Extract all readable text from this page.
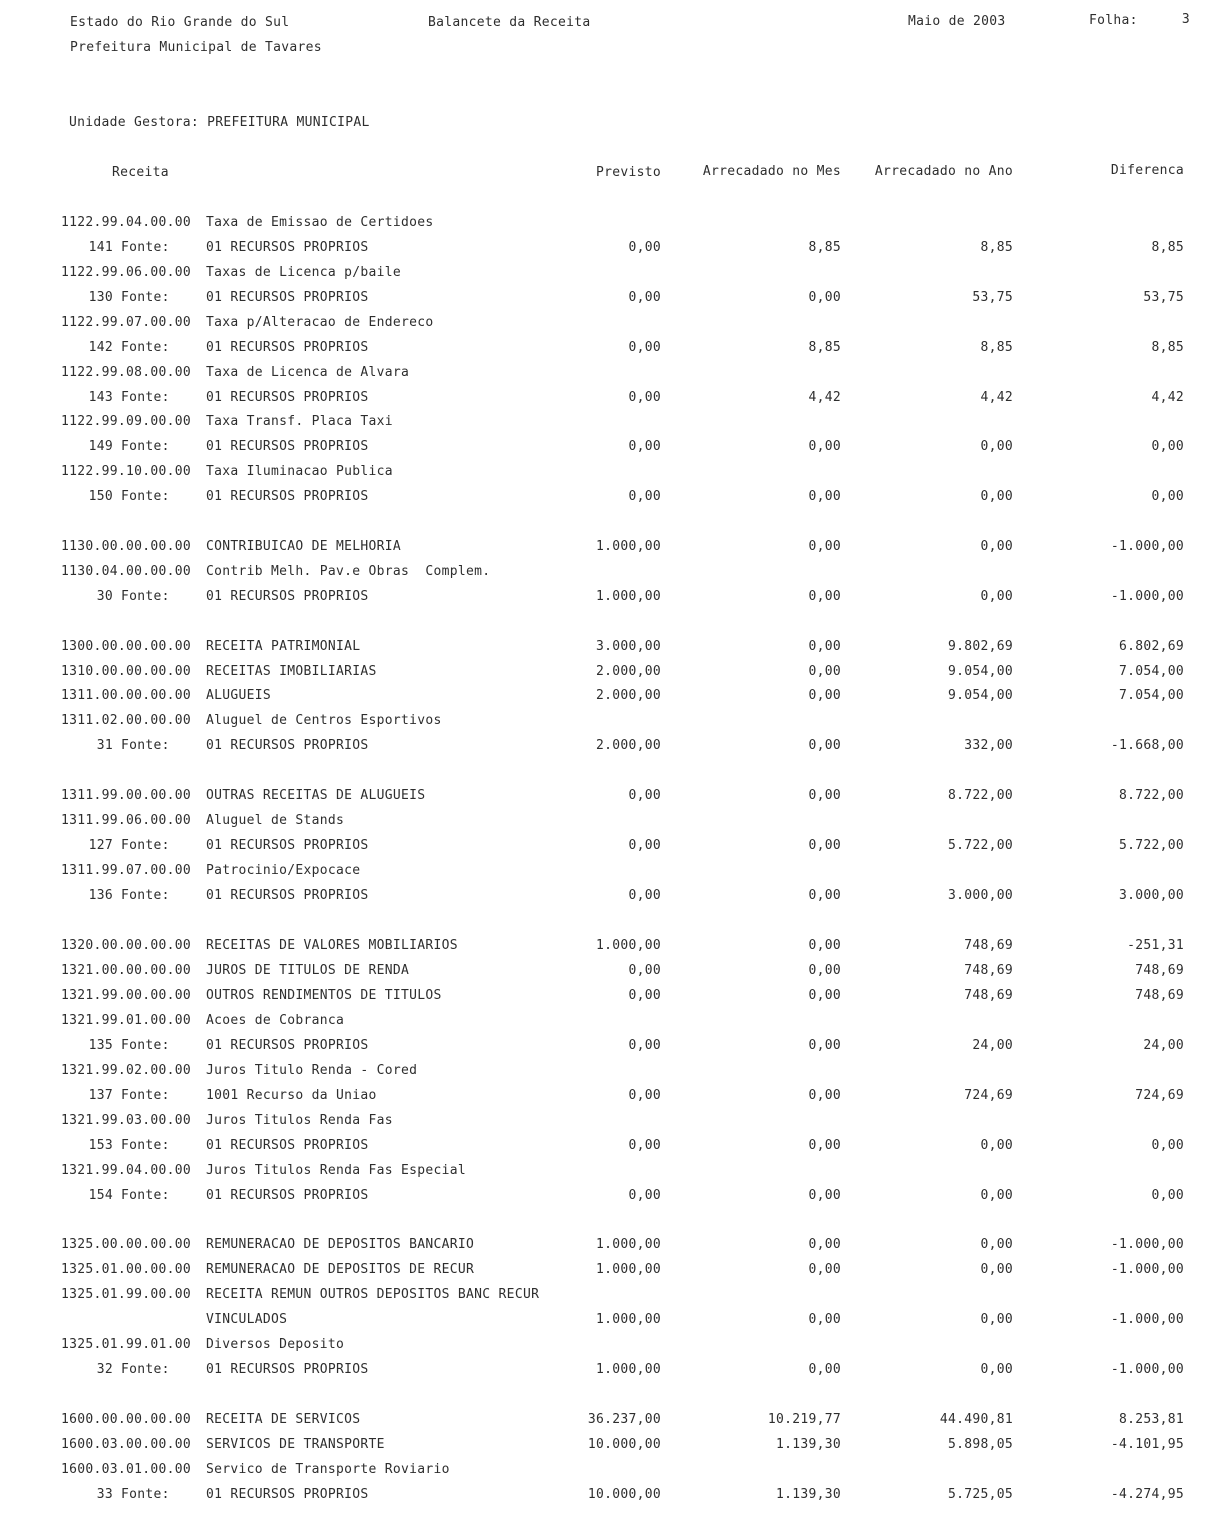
Estado do Rio Grande do Sul
Prefeitura Municipal de Tavares
Balancete da Receita	Maio de 2003	Folha:	3
Unidade Gestora: PREFEITURA MUNICIPAL
Receita	Previsto	Arrecadado no Mes	Arrecadado no Ano	Diferenca
1122.99.04.00.00 Taxa de Emissao de Certidoes
141 Fonte:	01 RECURSOS PROPRIOS	0,00	8,85	8,85	8,85
1122.99.06.00.00 Taxas de Licenca p/baile
130 Fonte:	01 RECURSOS PROPRIOS	0,00	0,00	53,75	53,75
1122.99.07.00.00 Taxa p/Alteracao de Endereco
142 Fonte:	01 RECURSOS PROPRIOS	0,00	8,85	8,85	8,85
1122.99.08.00.00 Taxa de Licenca de Alvara
143 Fonte:	01 RECURSOS PROPRIOS	0,00	4,42	4,42	4,42
1122.99.09.00.00 Taxa Transf. Placa Taxi
149 Fonte:	01 RECURSOS PROPRIOS	0,00	0,00	0,00	0,00
1122.99.10.00.00 Taxa Iluminacao Publica
150 Fonte:	01 RECURSOS PROPRIOS	0,00	0,00	0,00	0,00
1130.00.00.00.00 CONTRIBUICAO DE MELHORIA	1.000,00	0,00	0,00	-1.000,00
1130.04.00.00.00 Contrib Melh. Pav.e Obras  Complem.
30 Fonte:	01 RECURSOS PROPRIOS	1.000,00	0,00	0,00	-1.000,00
1300.00.00.00.00 RECEITA PATRIMONIAL	3.000,00	0,00	9.802,69	6.802,69
1310.00.00.00.00 RECEITAS IMOBILIARIAS	2.000,00	0,00	9.054,00	7.054,00
1311.00.00.00.00 ALUGUEIS	2.000,00	0,00	9.054,00	7.054,00
1311.02.00.00.00 Aluguel de Centros Esportivos
31 Fonte:	01 RECURSOS PROPRIOS	2.000,00	0,00	332,00	-1.668,00
1311.99.00.00.00 OUTRAS RECEITAS DE ALUGUEIS	0,00	0,00	8.722,00	8.722,00
1311.99.06.00.00 Aluguel de Stands
127 Fonte:	01 RECURSOS PROPRIOS	0,00	0,00	5.722,00	5.722,00
1311.99.07.00.00 Patrocinio/Expocace
136 Fonte:	01 RECURSOS PROPRIOS	0,00	0,00	3.000,00	3.000,00
1320.00.00.00.00 RECEITAS DE VALORES MOBILIARIOS	1.000,00	0,00	748,69	-251,31
1321.00.00.00.00 JUROS DE TITULOS DE RENDA	0,00	0,00	748,69	748,69
1321.99.00.00.00 OUTROS RENDIMENTOS DE TITULOS	0,00	0,00	748,69	748,69
1321.99.01.00.00 Acoes de Cobranca
135 Fonte:	01 RECURSOS PROPRIOS	0,00	0,00	24,00	24,00
1321.99.02.00.00 Juros Titulo Renda - Cored
137 Fonte:	1001 Recurso da Uniao	0,00	0,00	724,69	724,69
1321.99.03.00.00 Juros Titulos Renda Fas
153 Fonte:	01 RECURSOS PROPRIOS	0,00	0,00	0,00	0,00
1321.99.04.00.00 Juros Titulos Renda Fas Especial
154 Fonte:	01 RECURSOS PROPRIOS	0,00	0,00	0,00	0,00
1325.00.00.00.00 REMUNERACAO DE DEPOSITOS BANCARIO	1.000,00	0,00	0,00	-1.000,00
1325.01.00.00.00 REMUNERACAO DE DEPOSITOS DE RECUR	1.000,00	0,00	0,00	-1.000,00
1325.01.99.00.00 RECEITA REMUN OUTROS DEPOSITOS BANC RECUR
VINCULADOS	1.000,00	0,00	0,00	-1.000,00
1325.01.99.01.00 Diversos Deposito
32 Fonte:	01 RECURSOS PROPRIOS	1.000,00	0,00	0,00	-1.000,00
1600.00.00.00.00 RECEITA DE SERVICOS	36.237,00	10.219,77	44.490,81	8.253,81
1600.03.00.00.00 SERVICOS DE TRANSPORTE	10.000,00	1.139,30	5.898,05	-4.101,95
1600.03.01.00.00 Servico de Transporte Roviario
33 Fonte:	01 RECURSOS PROPRIOS	10.000,00	1.139,30	5.725,05	-4.274,95
